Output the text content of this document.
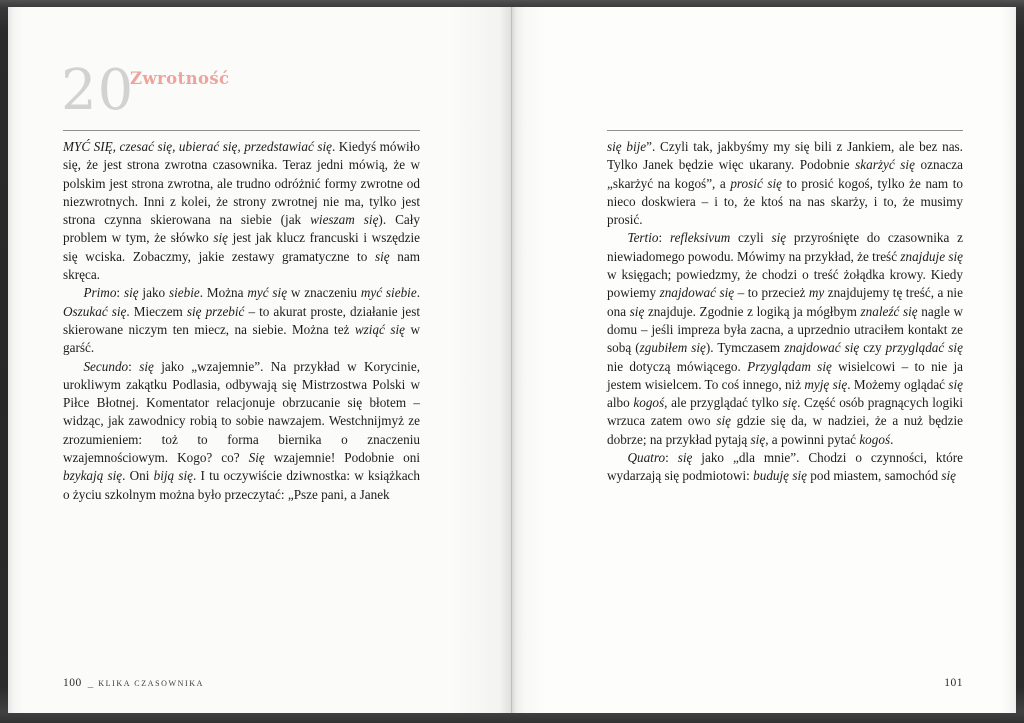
20
Zwrotność
MYĆ SIĘ, czesać się, ubierać się, przedstawiać się. Kiedyś mówiło się, że jest strona zwrotna czasownika. Teraz jedni mówią, że w polskim jest strona zwrotna, ale trudno odróżnić formy zwrotne od niezwrotnych. Inni z kolei, że strony zwrotnej nie ma, tylko jest strona czynna skierowana na siebie (jak wieszam się). Cały problem w tym, że słówko się jest jak klucz francuski i wszędzie się wciska. Zobaczmy, jakie zestawy gramatyczne to się nam skręca.
Primo: się jako siebie. Można myć się w znaczeniu myć siebie. Oszukać się. Mieczem się przebić – to akurat proste, działanie jest skierowane niczym ten miecz, na siebie. Można też wziąć się w garść.
Secundo: się jako „wzajemnie”. Na przykład w Korycinie, urokliwym zakątku Podlasia, odbywają się Mistrzostwa Polski w Piłce Błotnej. Komentator relacjonuje obrzucanie się błotem – widząc, jak zawodnicy robią to sobie nawzajem. Westchnijmyż ze zrozumieniem: toż to forma biernika o znaczeniu wzajemnościowym. Kogo? co? Się wzajemnie! Podobnie oni bzykają się. Oni biją się. I tu oczywiście dziwnostka: w książkach o życiu szkolnym można było przeczytać: „Psze pani, a Janek
100 _ KLIKA CZASOWNIKA
się bije”. Czyli tak, jakbyśmy my się bili z Jankiem, ale bez nas. Tylko Janek będzie więc ukarany. Podobnie skarżyć się oznacza „skarżyć na kogoś”, a prosić się to prosić kogoś, tylko że nam to nieco doskwiera – i to, że ktoś na nas skarży, i to, że musimy prosić.
Tertio: refleksivum czyli się przyrośnięte do czasownika z niewiadomego powodu. Mówimy na przykład, że treść znajduje się w księgach; powiedzmy, że chodzi o treść żołądka krowy. Kiedy powiemy znajdować się – to przecież my znajdujemy tę treść, a nie ona się znajduje. Zgodnie z logiką ja mógłbym znaleźć się nagle w domu – jeśli impreza była zacna, a uprzednio utraciłem kontakt ze sobą (zgubiłem się). Tymczasem znajdować się czy przyglądać się nie dotyczą mówiącego. Przyglądam się wisielcowi – to nie ja jestem wisielcem. To coś innego, niż myję się. Możemy oglądać się albo kogoś, ale przyglądać tylko się. Część osób pragnących logiki wrzuca zatem owo się gdzie się da, w nadziei, że a nuż będzie dobrze; na przykład pytają się, a powinni pytać kogoś.
Quatro: się jako „dla mnie”. Chodzi o czynności, które wydarzają się podmiotowi: buduję się pod miastem, samochód się
101
